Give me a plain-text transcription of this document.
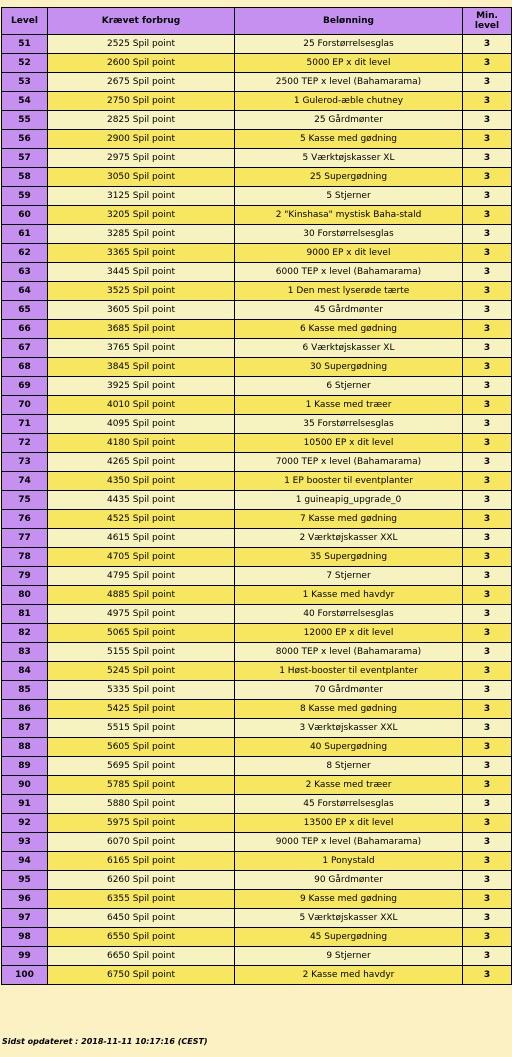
Level	Krævet forbrug	Belønning	Min.
level
51	2525 Spil point	25 Forstørrelsesglas	3
52	2600 Spil point	5000 EP x dit level	3
53	2675 Spil point	2500 TEP x level (Bahamarama)	3
54	2750 Spil point	1 Gulerod-æble chutney	3
55	2825 Spil point	25 Gårdmønter	3
56	2900 Spil point	5 Kasse med gødning	3
57	2975 Spil point	5 Værktøjskasser XL	3
58	3050 Spil point	25 Supergødning	3
59	3125 Spil point	5 Stjerner	3
60	3205 Spil point	2 "Kinshasa" mystisk Baha-stald	3
61	3285 Spil point	30 Forstørrelsesglas	3
62	3365 Spil point	9000 EP x dit level	3
63	3445 Spil point	6000 TEP x level (Bahamarama)	3
64	3525 Spil point	1 Den mest lyserøde tærte	3
65	3605 Spil point	45 Gårdmønter	3
66	3685 Spil point	6 Kasse med gødning	3
67	3765 Spil point	6 Værktøjskasser XL	3
68	3845 Spil point	30 Supergødning	3
69	3925 Spil point	6 Stjerner	3
70	4010 Spil point	1 Kasse med træer	3
71	4095 Spil point	35 Forstørrelsesglas	3
72	4180 Spil point	10500 EP x dit level	3
73	4265 Spil point	7000 TEP x level (Bahamarama)	3
74	4350 Spil point	1 EP booster til eventplanter	3
75	4435 Spil point	1 guineapig_upgrade_0	3
76	4525 Spil point	7 Kasse med gødning	3
77	4615 Spil point	2 Værktøjskasser XXL	3
78	4705 Spil point	35 Supergødning	3
79	4795 Spil point	7 Stjerner	3
80	4885 Spil point	1 Kasse med havdyr	3
81	4975 Spil point	40 Forstørrelsesglas	3
82	5065 Spil point	12000 EP x dit level	3
83	5155 Spil point	8000 TEP x level (Bahamarama)	3
84	5245 Spil point	1 Høst-booster til eventplanter	3
85	5335 Spil point	70 Gårdmønter	3
86	5425 Spil point	8 Kasse med gødning	3
87	5515 Spil point	3 Værktøjskasser XXL	3
88	5605 Spil point	40 Supergødning	3
89	5695 Spil point	8 Stjerner	3
90	5785 Spil point	2 Kasse med træer	3
91	5880 Spil point	45 Forstørrelsesglas	3
92	5975 Spil point	13500 EP x dit level	3
93	6070 Spil point	9000 TEP x level (Bahamarama)	3
94	6165 Spil point	1 Ponystald	3
95	6260 Spil point	90 Gårdmønter	3
96	6355 Spil point	9 Kasse med gødning	3
97	6450 Spil point	5 Værktøjskasser XXL	3
98	6550 Spil point	45 Supergødning	3
99	6650 Spil point	9 Stjerner	3
100	6750 Spil point	2 Kasse med havdyr	3
Sidst opdateret : 2018-11-11 10:17:16 (CEST)
